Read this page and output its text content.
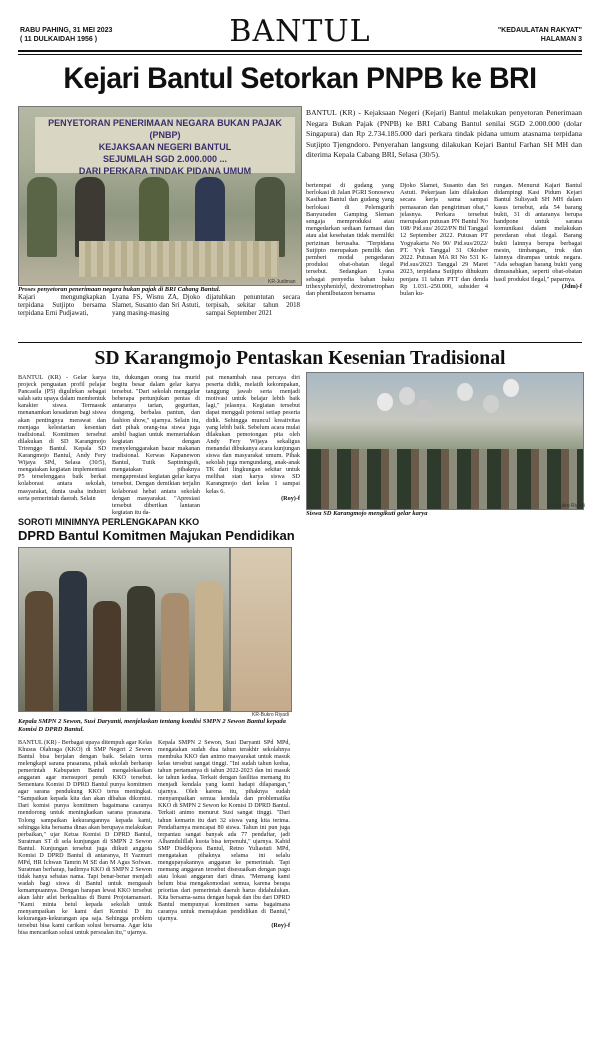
RABU PAHING, 31 MEI 2023
( 11 DULKAIDAH 1956 )	BANTUL	"KEDAULATAN RAKYAT"
HALAMAN 3
Kejari Bantul Setorkan PNPB ke BRI
PENYETORAN PENERIMAAN NEGARA BUKAN PAJAK (PNBP)
KEJAKSAAN NEGERI BANTUL
SEJUMLAH SGD 2.000.000 ...
DARI PERKARA TINDAK PIDANA UMUM
Proses penyetoran penerimaan negara bukan pajak di BRI Cabang Bantul.
KR-Judiman

BANTUL (KR) - Kejaksaan Negeri (Kejari) Bantul melakukan penyetoran Penerimaan Negara Bukan Pajak (PNPB) ke BRI Cabang Bantul senilai SGD 2.000.000 (dolar Singapura) dan Rp 2.734.185.000 dari perkara tindak pidana umum atasnama terpidana Sutjipto Tjengndoro. Penyerahan langsung dilakukan Kejari Bantul Farhan SH MH dan diterima Kepala Cabang BRI, Selasa (30/5).

Kajari mengungkapkan terpidana Sutjipto bersama terpidana Erni Pudjawati,

Lyana FS, Wisnu ZA, Djoko Slamet, Susanto dan Sri Astuti, yang masing-masing

dijatuhkan penuntutan secara terpisah, sekitar tahun 2018 sampai September 2021

bertempat di gudang yang berlokasi di Jalan PGRI Sonosewu Kasihan Bantul dan gudang yang berlokasi di Pelemgurih Banyuraden Gamping Sleman sengaja memproduksi atau mengedarkan sediaan farmasi dan atau alat kesehatan tidak memiliki perizinan berusaha. "Terpidana Sutjipto merupakan pemilik dan pemberi modal pengedaran produksi obat-obatan ilegal tersebut. Sedangkan Lyana sebagai penyedia bahan baku trihexyphenidyl, dextrometrophan dan phenilbutazon bersama

Djoko Slamet, Susanto dan Sri Astuti. Pekerjaan lain dilakukan secara kerja sama sampai pemasaran dan pengiriman obat," jelasnya. Perkara tersebut merupakan putusan PN Bantul No 108/ Pid.sus/ 2022/PN Btl Tanggal 12 September 2022. Putusan PT Yogyakarta No 90/ Pid.sus/2022/ PT. Yyk Tanggal 31 Oktober 2022. Putusan MA RI No 531 K-Pid.sus/2023 Tanggal 29 Maret 2023, terpidana Sutjipto dihukum penjara 11 tahun PTT dan denda Rp 1.031.-250.000, subsider 4 bulan ku-

rungan. Menurut Kajari Bantul didampingi Kasi Pidum Kejari Bantul Sulisyadi SH MH dalam kasus tersebut, ada 54 barang bukti, 31 di antaranya berupa handpone untuk sarana komunikasi dalam melakukan peredaran obat ilegal. Barang bukti lainnya berupa berbagai mesin, timbangan, truk dan lainnya dirampas untuk negara. "Ada sebagian barang bukti yang dimusnahkan, seperti obat-obatan hasil produksi ilegal," paparnya.

(Jdm)-f

SD Karangmojo Pentaskan Kesenian Tradisional

BANTUL (KR) - Gelar karya projeck penguatan profil pelajar Pancasila (P5) digulirkan sebagai salah satu upaya dalam membentuk karakter siswa. Termasuk menanamkan kesadaran bagi siswa akan pentingnya merawat dan menjaga kelestarian kesenian tradisional. Komitmen tersebut dilakukan di SD Karangmojo Trirenggo Bantul. Kepala SD Karangmojo Bantul, Andy Fery Wijaya SPd, Selasa (30/5), mengatakan kegiatan implementasi P5 terselenggara baik berkat kolaborasi antara sekolah, masyarakat, dunia usaha industri serta pemerintah daerah. Selain

itu, dukungan orang tua murid begitu besar dalam gelar karya tersebut. "Dari sekolah menggelar beberapa pertunjukan pentas di antaranya tarian, geguritan, dongeng, berbalas pantun, dan fashion show," ujarnya. Selain itu, dari pihak orang-tua siswa juga ambil bagian untuk memeriahkan kegiatan dengan menyelenggarakan bazar makanan tradisional. Kerwas Kapanewon Bantul, Tutik Saptiningsih, mengatakan pihaknya mengapresiasi kegiatan gelar karya tersebut. Dengan demikian terjalin kolaborasi hebat antara sekolah dengan masyarakat. "Apresiasi tersebut diberikan lantaran kegiatan itu da-

pat menambah rasa percaya diri peserta didik, melatih kekompakan, tanggung jawab serta menjadi motivasi untuk belajar lebih baik lagi," jelasnya. Kegiatan tersebut dapat menggali potensi setiap peserta didik. Sehingga muncul kreativitas yang lebih baik. Sebelum acara mulai dilakukan pemotongan pita oleh Andy Fery Wijaya sekaligus menandai dibukanya acara kunjungan siswa dan masyarakat umum. Pihak sekolah juga mengundang, anak-anak TK dari lingkungan sekitar untuk melihat stan karya siswa SD Karangmojo dari kelas 1 sampai kelas 6.

(Roy)-f

Siswa SD Karangmojo mengikuti gelar karya
KR-Bukro Riyadi
SOROTI MINIMNYA PERLENGKAPAN KKO
DPRD Bantul Komitmen Majukan Pendidikan
KR-Bukro Riyadi
Kepala SMPN 2 Sewon, Susi Daryanti, menjelaskan tentang kondisi SMPN 2 Sewon Bantul kepada Komisi D DPRD Bantul.

BANTUL (KR) - Berbagai upaya ditempuh agar Kelas Khusus Olahraga (KKO) di SMP Negeri 2 Sewon Bantul bisa berjalan dengan baik. Selain terus melengkapi sarana prasarana, pihak sekolah berharap pemerintah Kabupaten Bantul mengalokasikan anggaran agar mensuport penuh KKO tersebut. Sementara Komisi D DPRD Bantul punya komitmen agar sarana pendukung KKO terus meningkat. "Sampaikan kepada kita dan akan dibahas dikomisi. Dari komisi punya komitmen bagaimana caranya mendorong untuk meningkatkan sarana prasarana. Tolong sampaikan kekurangannya kepada kami, sehingga kita bersama dinas akan berupaya melakukan perbaikan," ujar Ketua Komisi D DPRD Bantul, Suratman ST di sela kunjungan di SMPN 2 Sewon Bantul. Kunjungan tersebut juga diikuti anggota Komisi D DPRD Bantul di antaranya, H Yazmuri MPd, HR Ichwan Tamrin M SE dan M Agus Sofwan. Suratman berharap, hadirnya KKO di SMPN 2 Sewon tidak hanya sebatas nama. Tapi benar-benar menjadi wadah bagi siswa di Bantul untuk mengasah kemampuannya. Dengan harapan lewat KKO tersebut akan lahir atlet berkualitas di Bumi Projotamansari. "Kami minta betul kepada sekolah untuk menyampaikan ke kami dari Komisi D itu kekurangan-kekurangan apa saja. Sehingga problem tersebut bisa kami carikan solusi bersama. Agar kita bisa mencarikan solusi untuk persoalan itu," ujarnya.

Kepala SMPN 2 Sewon, Susi Daryanti SPd MPd, mengatakan sudah dua tahun terakhir sekolahnya membuka KKO dan animo masyarakat untuk masuk kelas tersebut sangat tinggi. "Ini sudah tahun kedua, tahun pertamanya di tahun 2022-2023 dan ini masuk ke tahun kedua. Terkait dengan fasilitas memang itu menjadi kendala yang kami hadapi dilapangan," ujarnya. Oleh karena itu, pihaknya sudah menyampaikan semua kendala dan problematika KKO di SMPN 2 Sewon ke Komisi D DPRD Bantul. Terkait animo menurut Susi sangat tinggi. "Dari tahun kemarin itu dari 32 siswa yang kita terima. Pendaftarnya mencapai 80 siswa. Tahun ini pun juga terpantau sangat banyak ada 77 pendaftar, jadi Alhamdulillah kuota bisa terpenuhi," ujarnya. Kabid SMP Disdikpora Bantul, Retno Yuliastuti MPd, mengatakan pihaknya selama ini selalu mengupayakannya anggaran ke pemerintah. Tapi memang anggaran tersebut disesuaikan dengan pagu atau lokasi anggaran dari dinas. "Memang kami belum bisa mengakomodasi semua, karena berapa prioritas dari pemerintah daerah harus didahulukan. Kita bersama-sama dengan bapak dan ibu dari DPRD Bantul mempunyai komitmen sama bagaimana caranya untuk memajukan pendidikan di Bantul," ujarnya.

(Roy)-f
